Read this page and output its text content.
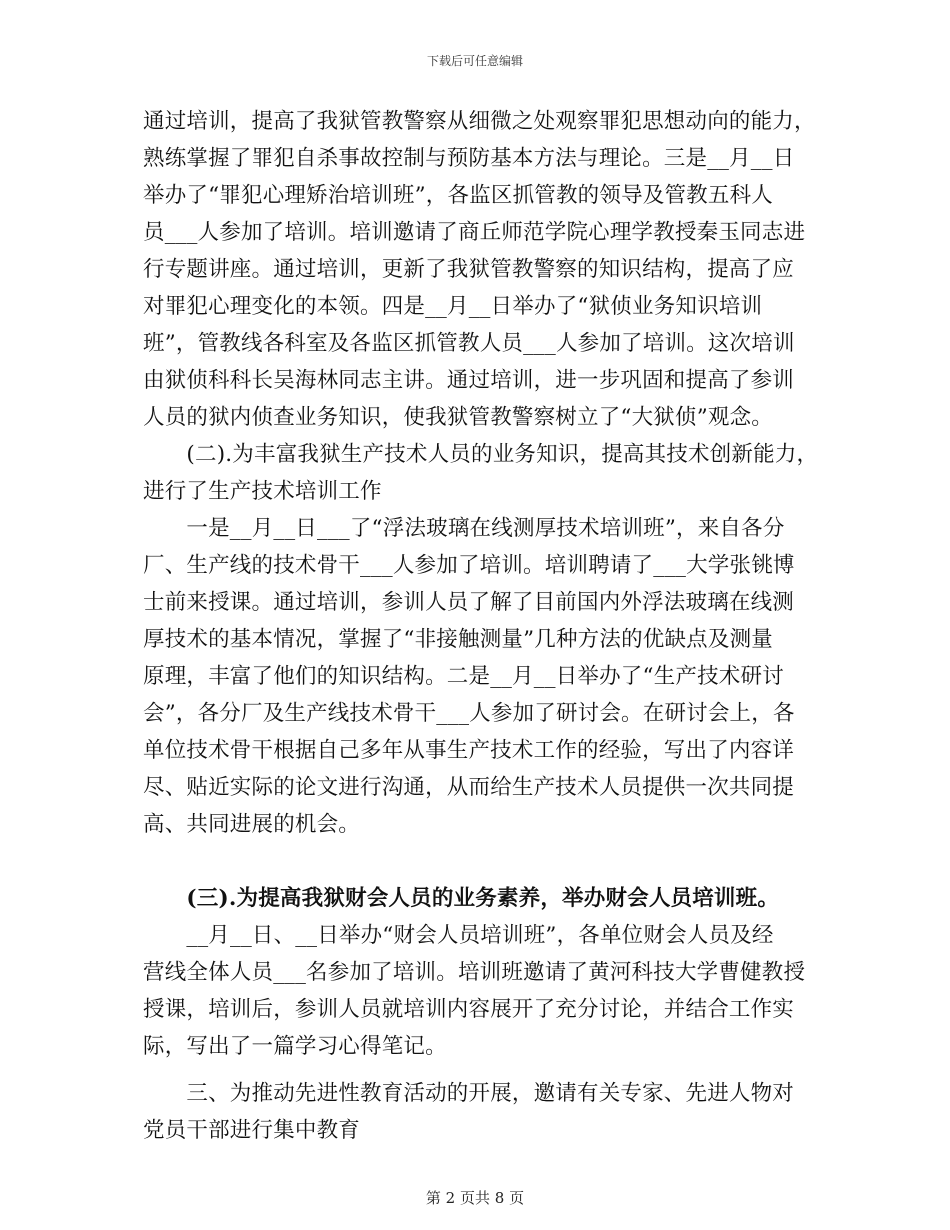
下载后可任意编辑
通过培训，提高了我狱管教警察从细微之处观察罪犯思想动向的能力，
熟练掌握了罪犯自杀事故控制与预防基本方法与理论。三是__月__日
举办了“罪犯心理矫治培训班”，各监区抓管教的领导及管教五科人
员___人参加了培训。培训邀请了商丘师范学院心理学教授秦玉同志进
行专题讲座。通过培训，更新了我狱管教警察的知识结构，提高了应
对罪犯心理变化的本领。四是__月__日举办了“狱侦业务知识培训
班”，管教线各科室及各监区抓管教人员___人参加了培训。这次培训
由狱侦科科长吴海林同志主讲。通过培训，进一步巩固和提高了参训
人员的狱内侦查业务知识，使我狱管教警察树立了“大狱侦”观念。
　　(二).为丰富我狱生产技术人员的业务知识，提高其技术创新能力，
进行了生产技术培训工作
　　一是__月__日___了“浮法玻璃在线测厚技术培训班”，来自各分
厂、生产线的技术骨干___人参加了培训。培训聘请了___大学张铫博
士前来授课。通过培训，参训人员了解了目前国内外浮法玻璃在线测
厚技术的基本情况，掌握了“非接触测量”几种方法的优缺点及测量
原理，丰富了他们的知识结构。二是__月__日举办了“生产技术研讨
会”，各分厂及生产线技术骨干___人参加了研讨会。在研讨会上，各
单位技术骨干根据自己多年从事生产技术工作的经验，写出了内容详
尽、贴近实际的论文进行沟通，从而给生产技术人员提供一次共同提
高、共同进展的机会。
　　(三).为提高我狱财会人员的业务素养，举办财会人员培训班。
　　__月__日、__日举办“财会人员培训班”，各单位财会人员及经
营线全体人员___名参加了培训。培训班邀请了黄河科技大学曹健教授
授课，培训后，参训人员就培训内容展开了充分讨论，并结合工作实
际，写出了一篇学习心得笔记。
　　三、为推动先进性教育活动的开展，邀请有关专家、先进人物对
党员干部进行集中教育
第 2 页共 8 页
